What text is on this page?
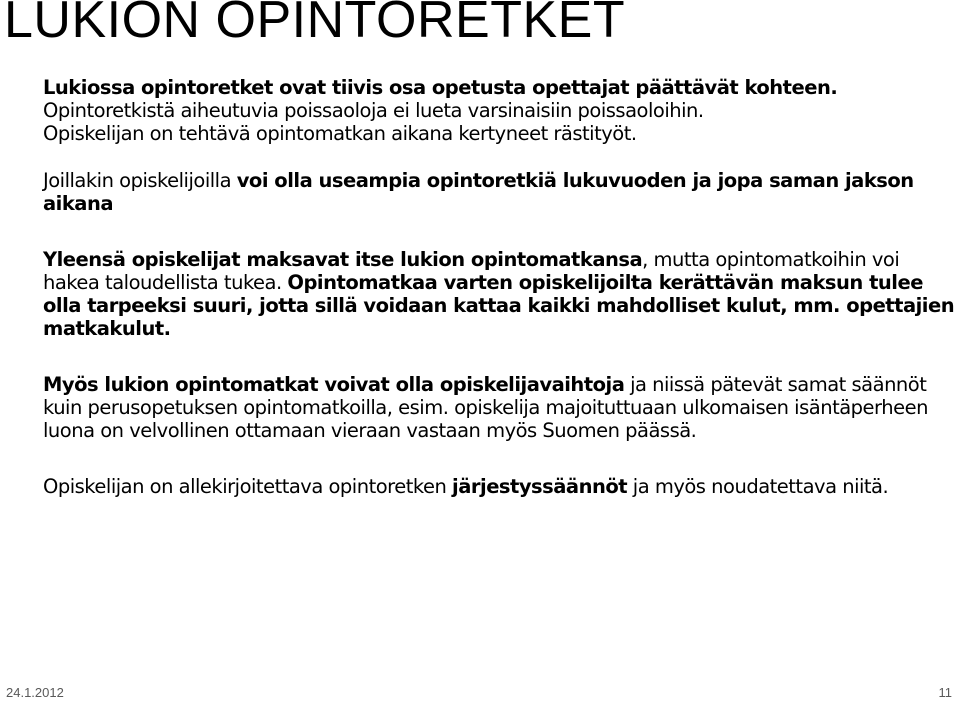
LUKION OPINTORETKET

Lukiossa opintoretket ovat tiivis osa opetusta opettajat päättävät kohteen.
Opintoretkistä aiheutuvia poissaoloja ei lueta varsinaisiin poissaoloihin.
Opiskelijan on tehtävä opintomatkan aikana kertyneet rästityöt.

Joillakin opiskelijoilla voi olla useampia opintoretkiä lukuvuoden ja jopa saman jakson aikana

Yleensä opiskelijat maksavat itse lukion opintomatkansa, mutta opintomatkoihin voi hakea taloudellista tukea. Opintomatkaa varten opiskelijoilta kerättävän maksun tulee olla tarpeeksi suuri, jotta sillä voidaan kattaa kaikki mahdolliset kulut, mm. opettajien matkakulut.

Myös lukion opintomatkat voivat olla opiskelijavaihtoja ja niissä pätevät samat säännöt kuin perusopetuksen opintomatkoilla, esim. opiskelija majoituttuaan ulkomaisen isäntäperheen luona on velvollinen ottamaan vieraan vastaan myös Suomen päässä.

Opiskelijan on allekirjoitettava opintoretken järjestyssäännöt ja myös noudatettava niitä.

24.1.2012	11
